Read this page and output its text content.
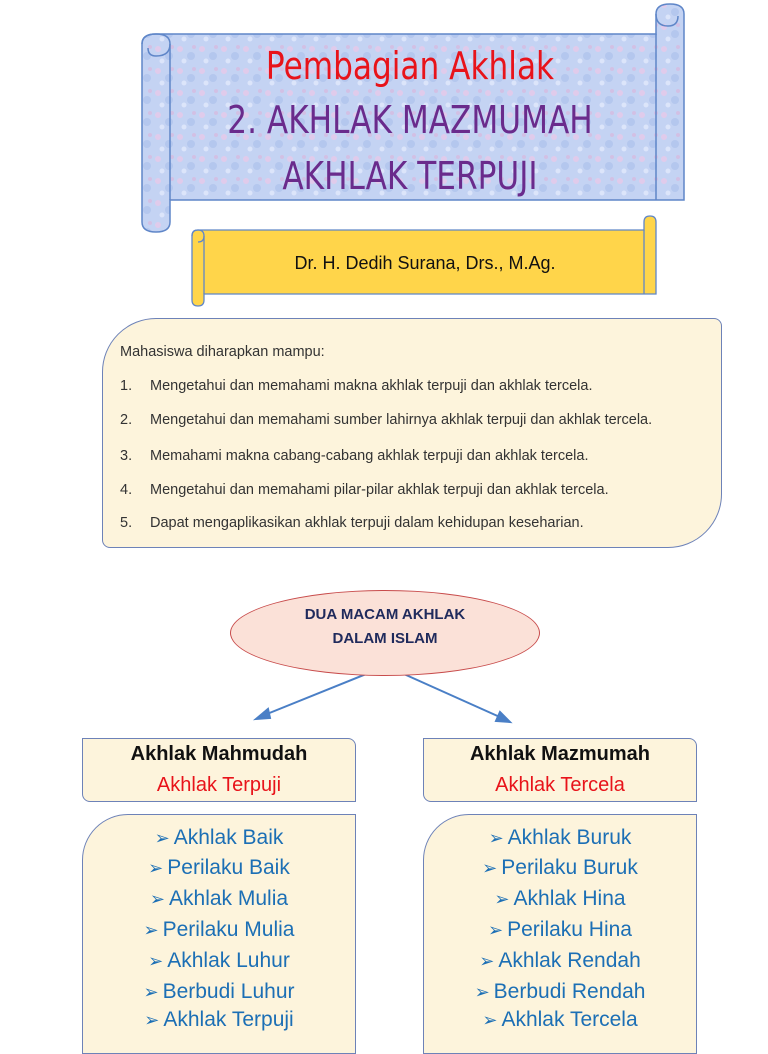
Pembagian Akhlak
2. AKHLAK MAZMUMAH
AKHLAK TERPUJI
Dr. H. Dedih Surana, Drs., M.Ag.
Mahasiswa diharapkan mampu:
1. Mengetahui dan memahami makna akhlak terpuji dan akhlak tercela.
2. Mengetahui dan memahami sumber lahirnya akhlak terpuji dan akhlak tercela.
3. Memahami makna cabang-cabang akhlak terpuji dan akhlak tercela.
4. Mengetahui dan memahami pilar-pilar akhlak terpuji dan akhlak tercela.
5. Dapat mengaplikasikan akhlak terpuji dalam kehidupan keseharian.
DUA MACAM AKHLAK
DALAM ISLAM
Akhlak Mahmudah
Akhlak Terpuji
Akhlak Mazmumah
Akhlak Tercela
➢ Akhlak Baik
➢ Perilaku Baik
➢ Akhlak Mulia
➢ Perilaku Mulia
➢ Akhlak Luhur
➢ Berbudi Luhur
➢ Akhlak Terpuji
➢ Akhlak Buruk
➢ Perilaku Buruk
➢ Akhlak Hina
➢ Perilaku Hina
➢ Akhlak Rendah
➢ Berbudi Rendah
➢ Akhlak Tercela
